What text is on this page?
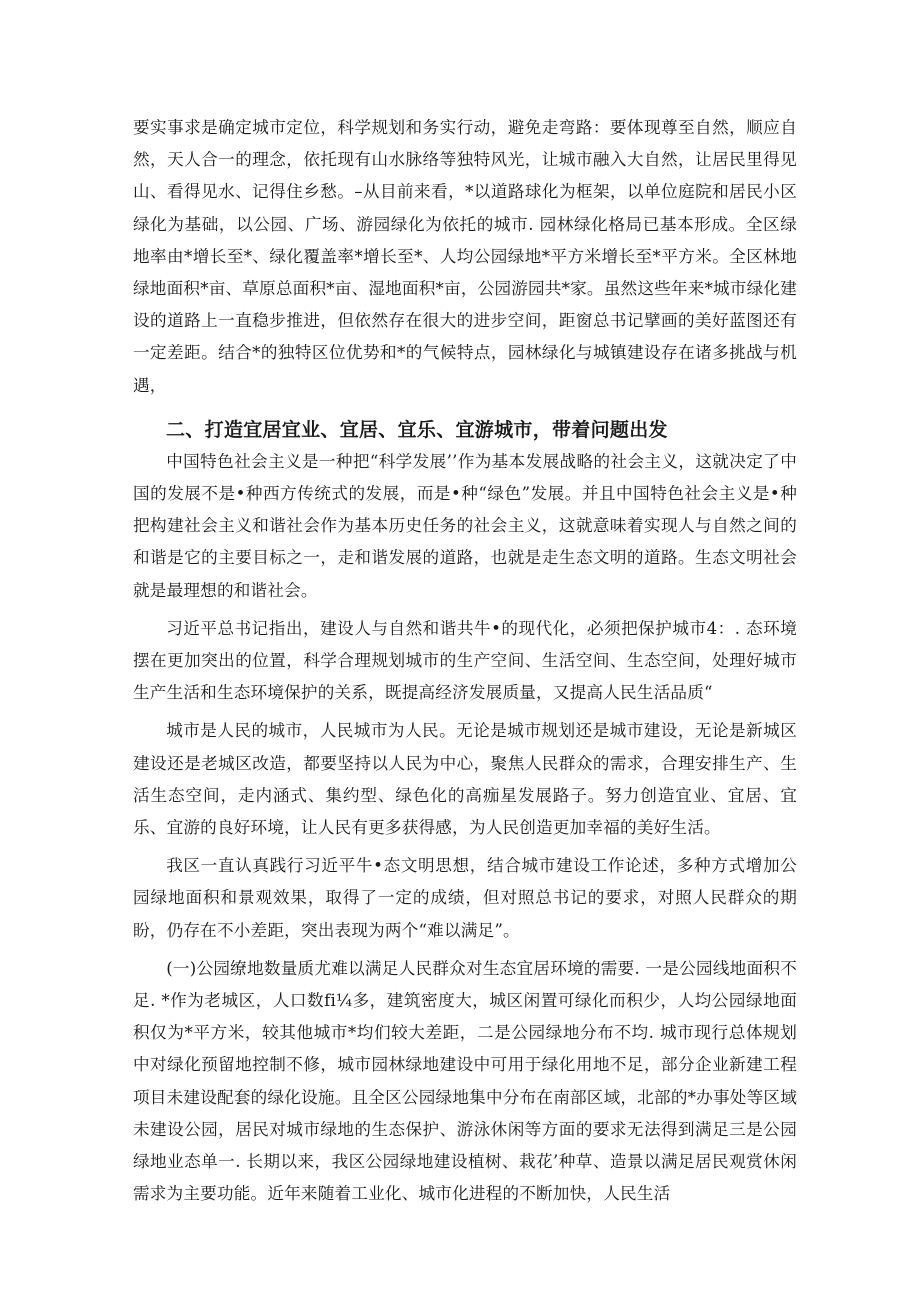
要实事求是确定城市定位，科学规划和务实行动，避免走弯路：要体现尊至自然，顺应自然，天人合一的理念，依托现有山水脉络等独特风光，让城市融入大自然，让居民里得见山、看得见水、记得住乡愁。–从目前来看，*以道路球化为框架，以单位庭院和居民小区绿化为基础，以公园、广场、游园绿化为依托的城市. 园林绿化格局已基本形成。全区绿地率由*增长至*、绿化覆盖率*增长至*、人均公园绿地*平方米增长至*平方米。全区林地绿地面积*亩、草原总面积*亩、湿地面积*亩，公园游园共*家。虽然这些年来*城市绿化建设的道路上一直稳步推进，但依然存在很大的进步空间，距窗总书记擘画的美好蓝图还有一定差距。结合*的独特区位优势和*的气候特点，园林绿化与城镇建设存在诸多挑战与机遇，

二、打造宜居宜业、宜居、宜乐、宜游城市，带着问题出发

中国特色社会主义是一种把“科学发展’’作为基本发展战略的社会主义，这就决定了中国的发展不是•种西方传统式的发展，而是•种“绿色”发展。并且中国特色社会主义是•种把构建社会主义和谐社会作为基本历史任务的社会主义，这就意味着实现人与自然之间的和谐是它的主要目标之一，走和谐发展的道路，也就是走生态文明的道路。生态文明社会就是最理想的和谐社会。

习近平总书记指出，建设人与自然和谐共牛•的现代化，必须把保护城市4：. 态环境摆在更加突出的位置，科学合理规划城市的生产空间、生活空间、生态空间，处理好城市生产生活和生态环境保护的关系，既提高经济发展质量，又提高人民生活品质“

城市是人民的城市，人民城市为人民。无论是城市规划还是城市建设，无论是新城区建设还是老城区改造，都要坚持以人民为中心，聚焦人民群众的需求，合理安排生产、生活生态空间，走内涵式、集约型、绿色化的高痂星发展路子。努力创造宜业、宜居、宜乐、宜游的良好环境，让人民有更多获得感，为人民创造更加幸福的美好生活。

我区一直认真践行习近平牛•态文明思想，结合城市建设工作论述，多种方式增加公园绿地面积和景观效果，取得了一定的成绩，但对照总书记的要求，对照人民群众的期盼，仍存在不小差距，突出表现为两个“难以满足”。

(一)公园缭地数量质尤难以满足人民群众对生态宜居环境的需要. 一是公园线地面积不足. *作为老城区，人口数fi¼多，建筑密度大，城区闲置可绿化而积少，人均公园绿地面积仅为*平方米，较其他城市*均们较大差距，二是公园绿地分布不均. 城市现行总体规划中对绿化预留地控制不修，城市园林绿地建设中可用于绿化用地不足，部分企业新建工程项目未建设配套的绿化设施。且全区公园绿地集中分布在南部区域，北部的*办事处等区域未建设公园，居民对城市绿地的生态保护、游泳休闲等方面的要求无法得到满足三是公园绿地业态单一. 长期以来，我区公园绿地建设植树、栽花’种草、造景以满足居民观赏休闲需求为主要功能。近年来随着工业化、城市化进程的不断加快，人民生活
